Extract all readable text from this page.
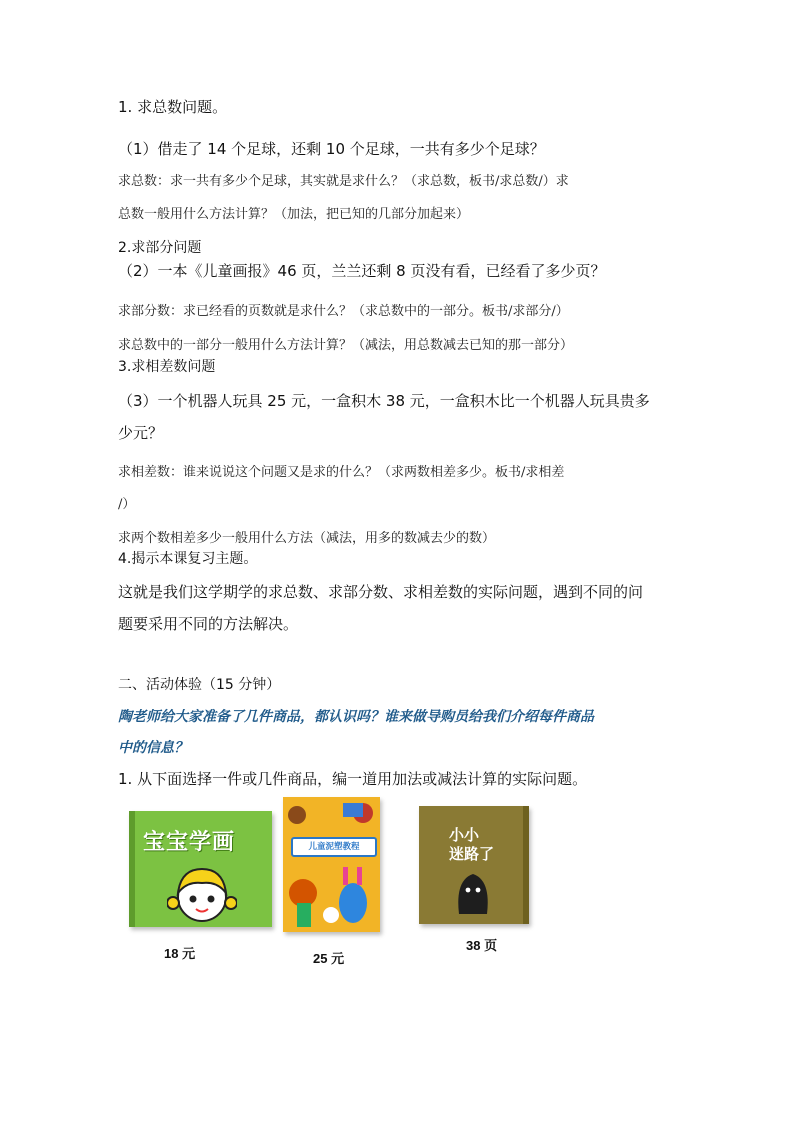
1. 求总数问题。
（1）借走了 14 个足球，还剩 10 个足球，一共有多少个足球？
求总数：求一共有多少个足球，其实就是求什么？（求总数，板书/求总数/）求
总数一般用什么方法计算？（加法，把已知的几部分加起来）
2.求部分问题
（2）一本《儿童画报》46 页，兰兰还剩 8 页没有看，已经看了多少页？
求部分数：求已经看的页数就是求什么？（求总数中的一部分。板书/求部分/）
求总数中的一部分一般用什么方法计算？（减法，用总数减去已知的那一部分）
3.求相差数问题
（3）一个机器人玩具 25 元，一盒积木 38 元，一盒积木比一个机器人玩具贵多
少元？
求相差数：谁来说说这个问题又是求的什么？（求两数相差多少。板书/求相差
/）
求两个数相差多少一般用什么方法（减法，用多的数减去少的数）
4.揭示本课复习主题。
这就是我们这学期学的求总数、求部分数、求相差数的实际问题，遇到不同的问
题要采用不同的方法解决。
二、活动体验（15 分钟）
陶老师给大家准备了几件商品，都认识吗？谁来做导购员给我们介绍每件商品
中的信息？
1. 从下面选择一件或几件商品，编一道用加法或减法计算的实际问题。
宝宝学画
18 元
儿童泥塑教程
25 元
小小
迷路了
38 页
